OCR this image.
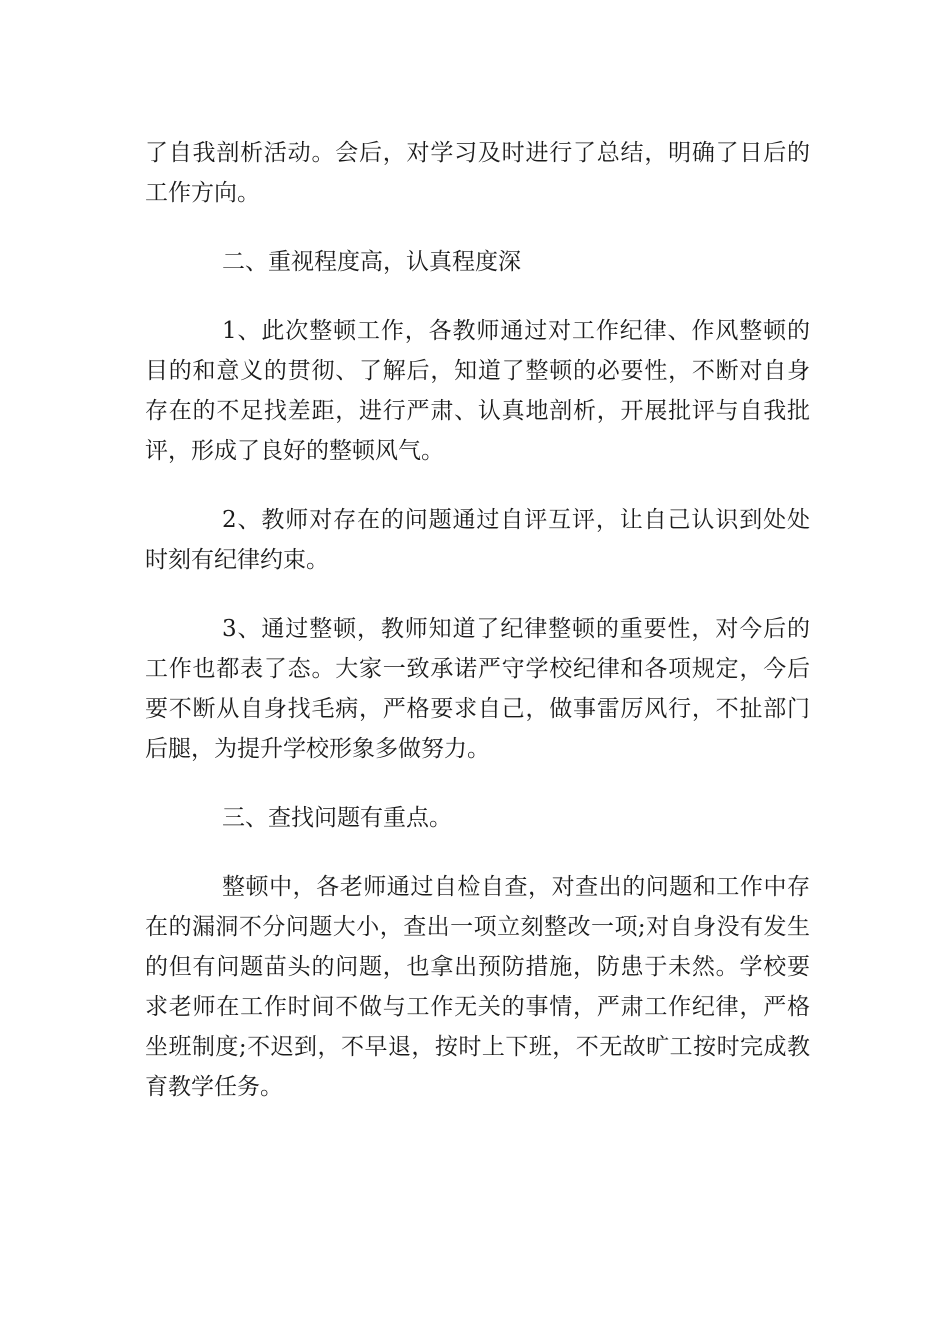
了自我剖析活动。会后，对学习及时进行了总结，明确了日后的工作方向。

二、重视程度高，认真程度深

1、此次整顿工作，各教师通过对工作纪律、作风整顿的目的和意义的贯彻、了解后，知道了整顿的必要性，不断对自身存在的不足找差距，进行严肃、认真地剖析，开展批评与自我批评，形成了良好的整顿风气。

2、教师对存在的问题通过自评互评，让自己认识到处处时刻有纪律约束。

3、通过整顿，教师知道了纪律整顿的重要性，对今后的工作也都表了态。大家一致承诺严守学校纪律和各项规定，今后要不断从自身找毛病，严格要求自己，做事雷厉风行，不扯部门后腿，为提升学校形象多做努力。

三、查找问题有重点。

整顿中，各老师通过自检自查，对查出的问题和工作中存在的漏洞不分问题大小，查出一项立刻整改一项;对自身没有发生的但有问题苗头的问题，也拿出预防措施，防患于未然。学校要求老师在工作时间不做与工作无关的事情，严肃工作纪律，严格坐班制度;不迟到，不早退，按时上下班，不无故旷工按时完成教育教学任务。
